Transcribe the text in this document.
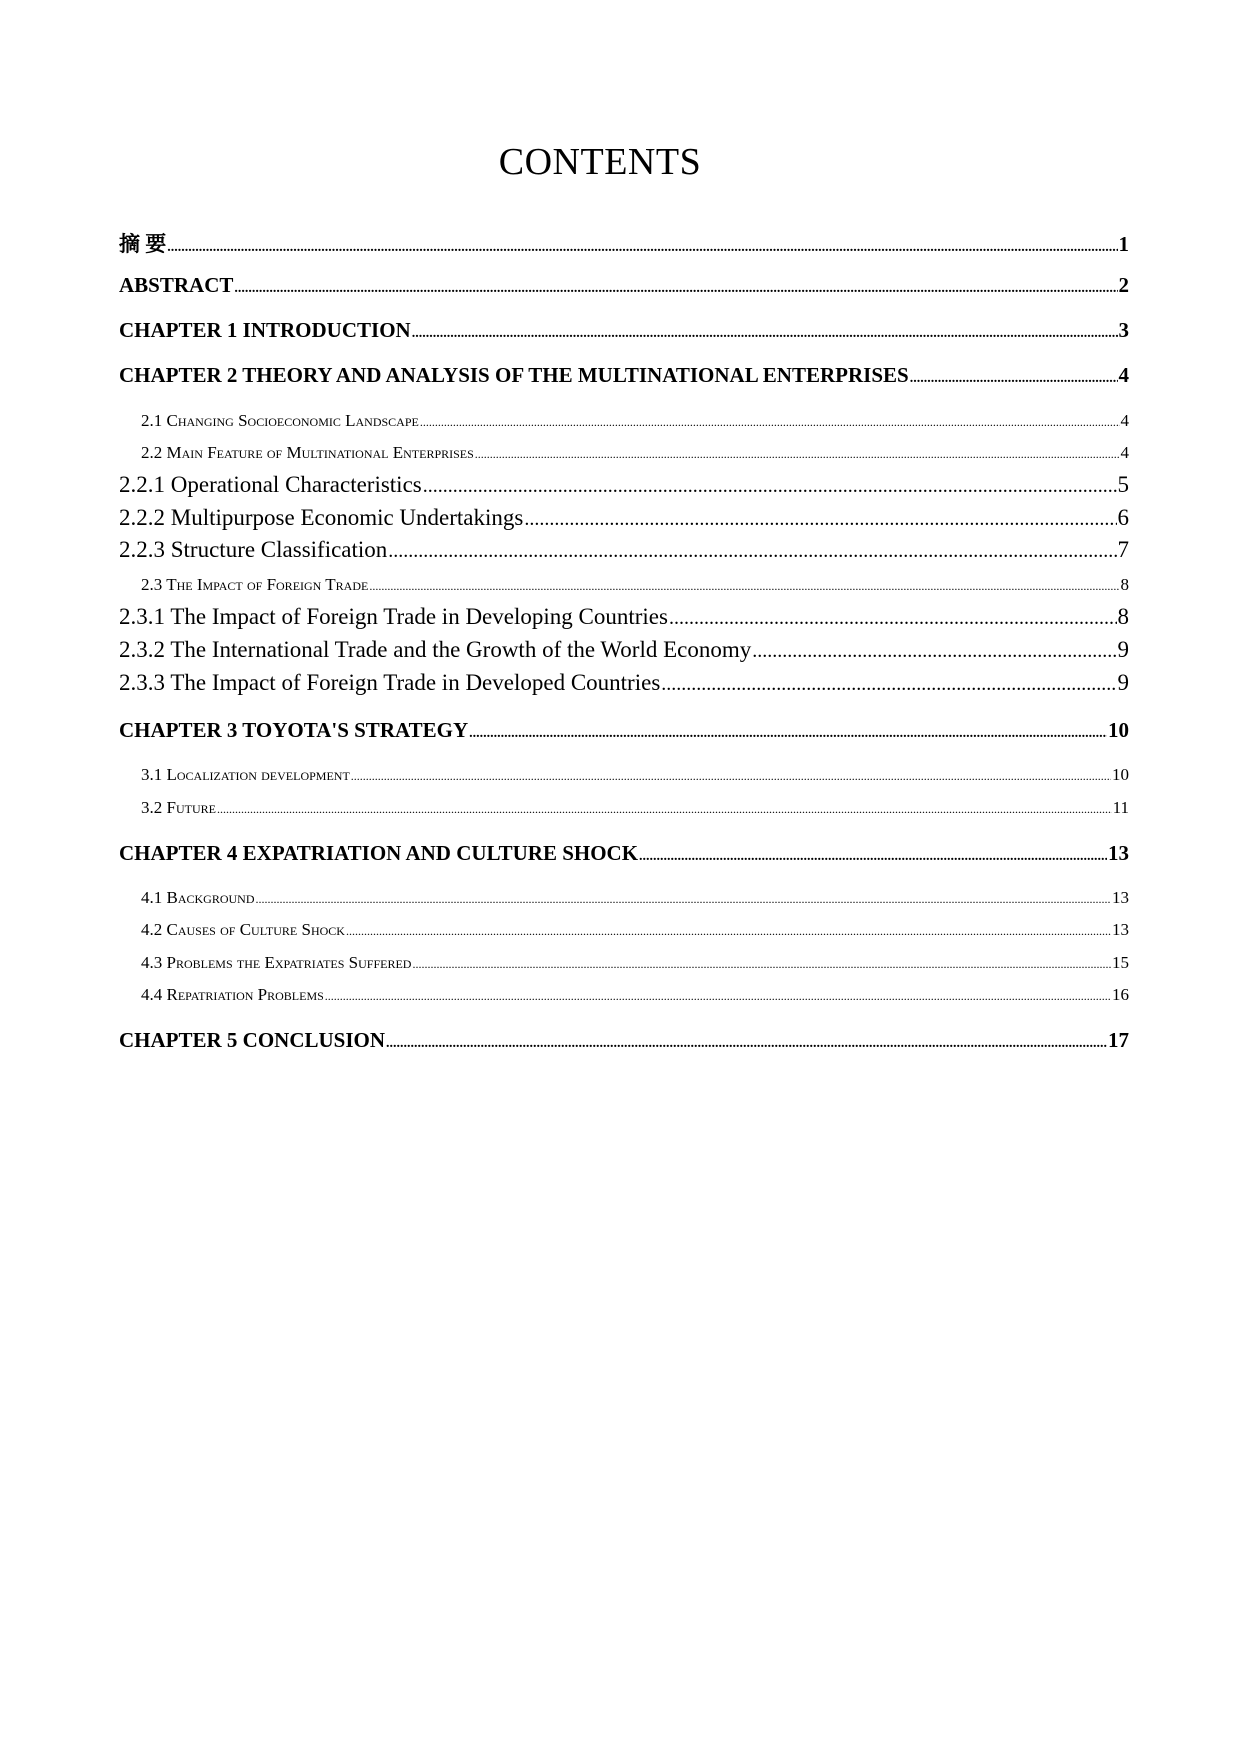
CONTENTS
摘 要 .....	1
ABSTRACT .....	2
CHAPTER 1 INTRODUCTION .....	3
CHAPTER 2 THEORY AND ANALYSIS OF THE MULTINATIONAL ENTERPRISES .....	4
2.1 Changing Socioeconomic Landscape .....	4
2.2 Main Feature of Multinational Enterprises .....	4
2.2.1 Operational Characteristics .....	5
2.2.2 Multipurpose Economic Undertakings .....	6
2.2.3 Structure Classification .....	7
2.3 The Impact of Foreign Trade .....	8
2.3.1 The Impact of Foreign Trade in Developing Countries .....	8
2.3.2 The International Trade and the Growth of the World Economy .....	9
2.3.3 The Impact of Foreign Trade in Developed Countries .....	9
CHAPTER 3 TOYOTA'S STRATEGY .....	10
3.1 Localization development .....	10
3.2 Future .....	11
CHAPTER 4 EXPATRIATION AND CULTURE SHOCK .....	13
4.1 Background .....	13
4.2 Causes of Culture Shock .....	13
4.3 Problems the Expatriates Suffered .....	15
4.4 Repatriation Problems .....	16
CHAPTER 5 CONCLUSION .....	17
